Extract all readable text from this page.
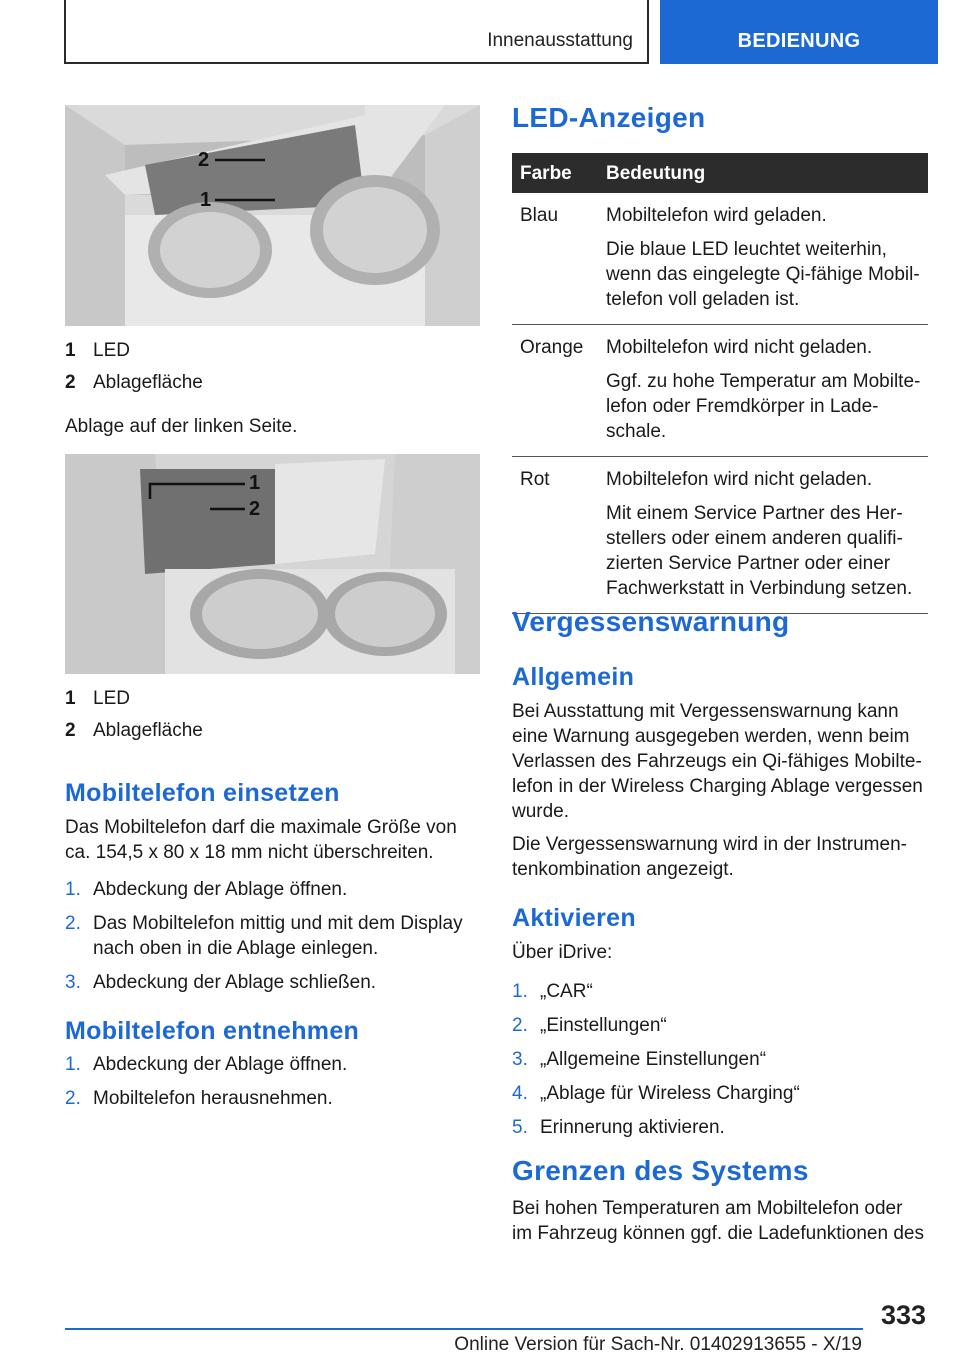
Innenausstattung	BEDIENUNG
2
1
1 LED
2 Ablagefläche
Ablage auf der linken Seite.
1
2
1 LED
2 Ablagefläche
Mobiltelefon einsetzen
Das Mobiltelefon darf die maximale Größe von
ca. 154,5 x 80 x 18 mm nicht überschreiten.
1. Abdeckung der Ablage öffnen.
2. Das Mobiltelefon mittig und mit dem Display nach oben in die Ablage einlegen.
3. Abdeckung der Ablage schließen.
Mobiltelefon entnehmen
1. Abdeckung der Ablage öffnen.
2. Mobiltelefon herausnehmen.
LED-Anzeigen
Farbe	Bedeutung
Blau	Mobiltelefon wird geladen.
Die blaue LED leuchtet weiterhin, wenn das eingelegte Qi-fähige Mobiltelefon voll geladen ist.

Orange	Mobiltelefon wird nicht geladen.
Ggf. zu hohe Temperatur am Mobiltelefon oder Fremdkörper in Ladeschale.

Rot	Mobiltelefon wird nicht geladen.
Mit einem Service Partner des Herstellers oder einem anderen qualifizierten Service Partner oder einer Fachwerkstatt in Verbindung setzen.
Vergessenswarnung
Allgemein
Bei Ausstattung mit Vergessenswarnung kann eine Warnung ausgegeben werden, wenn beim Verlassen des Fahrzeugs ein Qi-fähiges Mobiltelefon in der Wireless Charging Ablage vergessen wurde.
Die Vergessenswarnung wird in der Instrumentenkombination angezeigt.
Aktivieren
Über iDrive:
1. „CAR“
2. „Einstellungen“
3. „Allgemeine Einstellungen“
4. „Ablage für Wireless Charging“
5. Erinnerung aktivieren.
Grenzen des Systems
Bei hohen Temperaturen am Mobiltelefon oder
im Fahrzeug können ggf. die Ladefunktionen des
333
Online Version für Sach-Nr. 01402913655 - X/19
